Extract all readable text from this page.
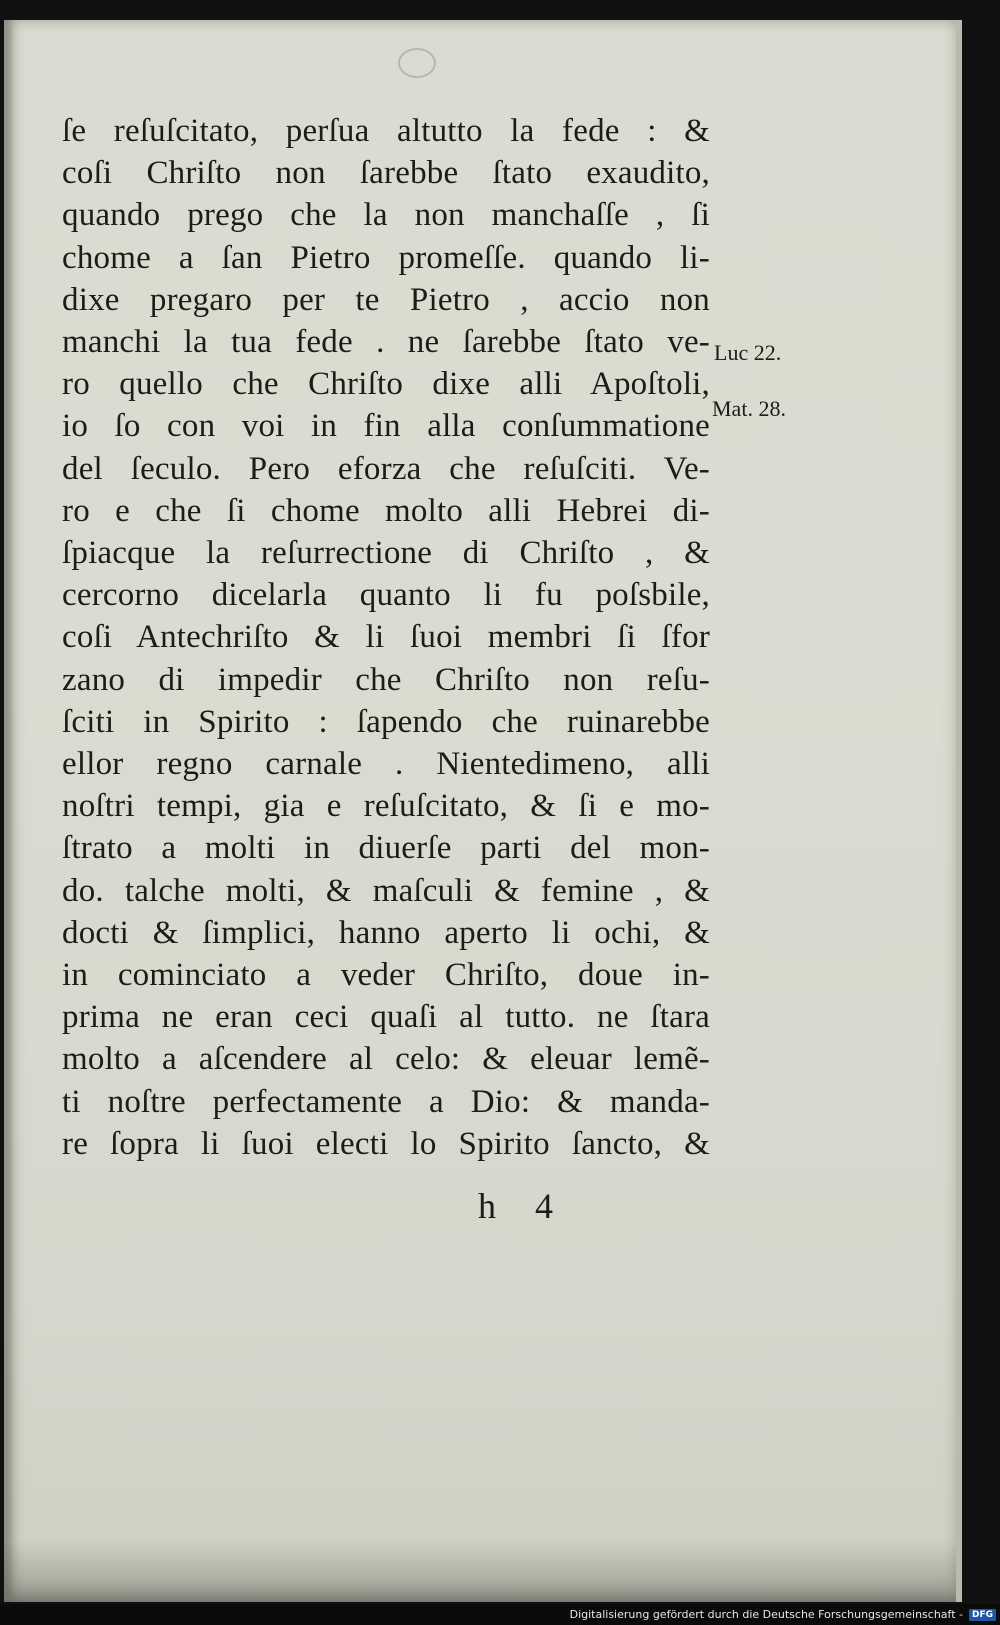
ſe reſuſcitato, perſua altutto la fede : &
coſi Chriſto non ſarebbe ſtato exaudito,
quando prego che la non manchaſſe , ſi
chome a ſan Pietro promeſſe. quando li-
dixe pregaro per te Pietro , accio non
manchi la tua fede . ne ſarebbe ſtato ve-
ro quello che Chriſto dixe alli Apoſtoli,
io ſo con voi in fin alla conſummatione
del ſeculo. Pero eforza che reſuſciti. Ve-
ro e che ſi chome molto alli Hebrei di-
ſpiacque la reſurrectione di Chriſto , &
cercorno dicelarla quanto li fu poſsbile,
coſi Antechriſto & li ſuoi membri ſi ſfor
zano di impedir che Chriſto non reſu-
ſciti in Spirito : ſapendo che ruinarebbe
ellor regno carnale . Nientedimeno, alli
noſtri tempi, gia e reſuſcitato, & ſi e mo-
ſtrato a molti in diuerſe parti del mon-
do. talche molti, & maſculi & femine , &
docti & ſimplici, hanno aperto li ochi, &
in cominciato a veder Chriſto, doue in-
prima ne eran ceci quaſi al tutto. ne ſtara
molto a aſcendere al celo: & eleuar lemẽ-
ti noſtre perfectamente a Dio: & manda-
re ſopra li ſuoi electi lo Spirito ſancto, &
Luc 22.
Mat. 28.
h 4
Digitalisierung gefördert durch die Deutsche Forschungsgemeinschaft -	DFG
